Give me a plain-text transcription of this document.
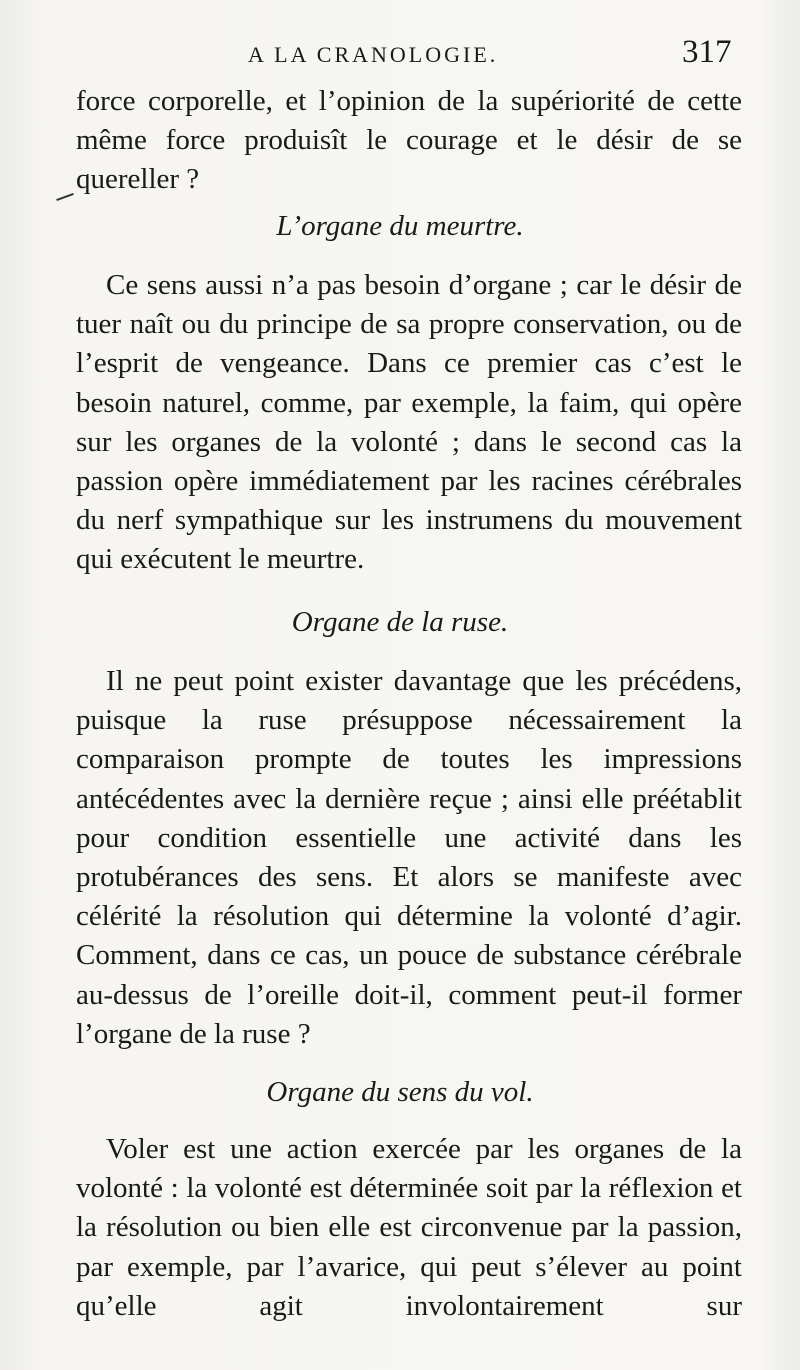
A LA CRANOLOGIE.	317
force corporelle, et l’opinion de la supériorité de cette même force produisît le courage et le désir de se quereller ?
L’organe du meurtre.
Ce sens aussi n’a pas besoin d’organe ; car le désir de tuer naît ou du principe de sa propre conservation, ou de l’esprit de vengeance. Dans ce premier cas c’est le besoin naturel, comme, par exemple, la faim, qui opère sur les organes de la volonté ; dans le second cas la passion opère immédiatement par les racines cérébrales du nerf sympathique sur les instrumens du mouvement qui exécutent le meurtre.
Organe de la ruse.
Il ne peut point exister davantage que les précédens, puisque la ruse présuppose nécessairement la comparaison prompte de toutes les impressions antécédentes avec la dernière reçue ; ainsi elle préétablit pour condition essentielle une activité dans les protubérances des sens. Et alors se manifeste avec célérité la résolution qui détermine la volonté d’agir. Comment, dans ce cas, un pouce de substance cérébrale au-dessus de l’oreille doit-il, comment peut-il former l’organe de la ruse ?
Organe du sens du vol.
Voler est une action exercée par les organes de la volonté : la volonté est déterminée soit par la réflexion et la résolution ou bien elle est circonvenue par la passion, par exemple, par l’avarice, qui peut s’élever au point qu’elle agit involontairement sur
